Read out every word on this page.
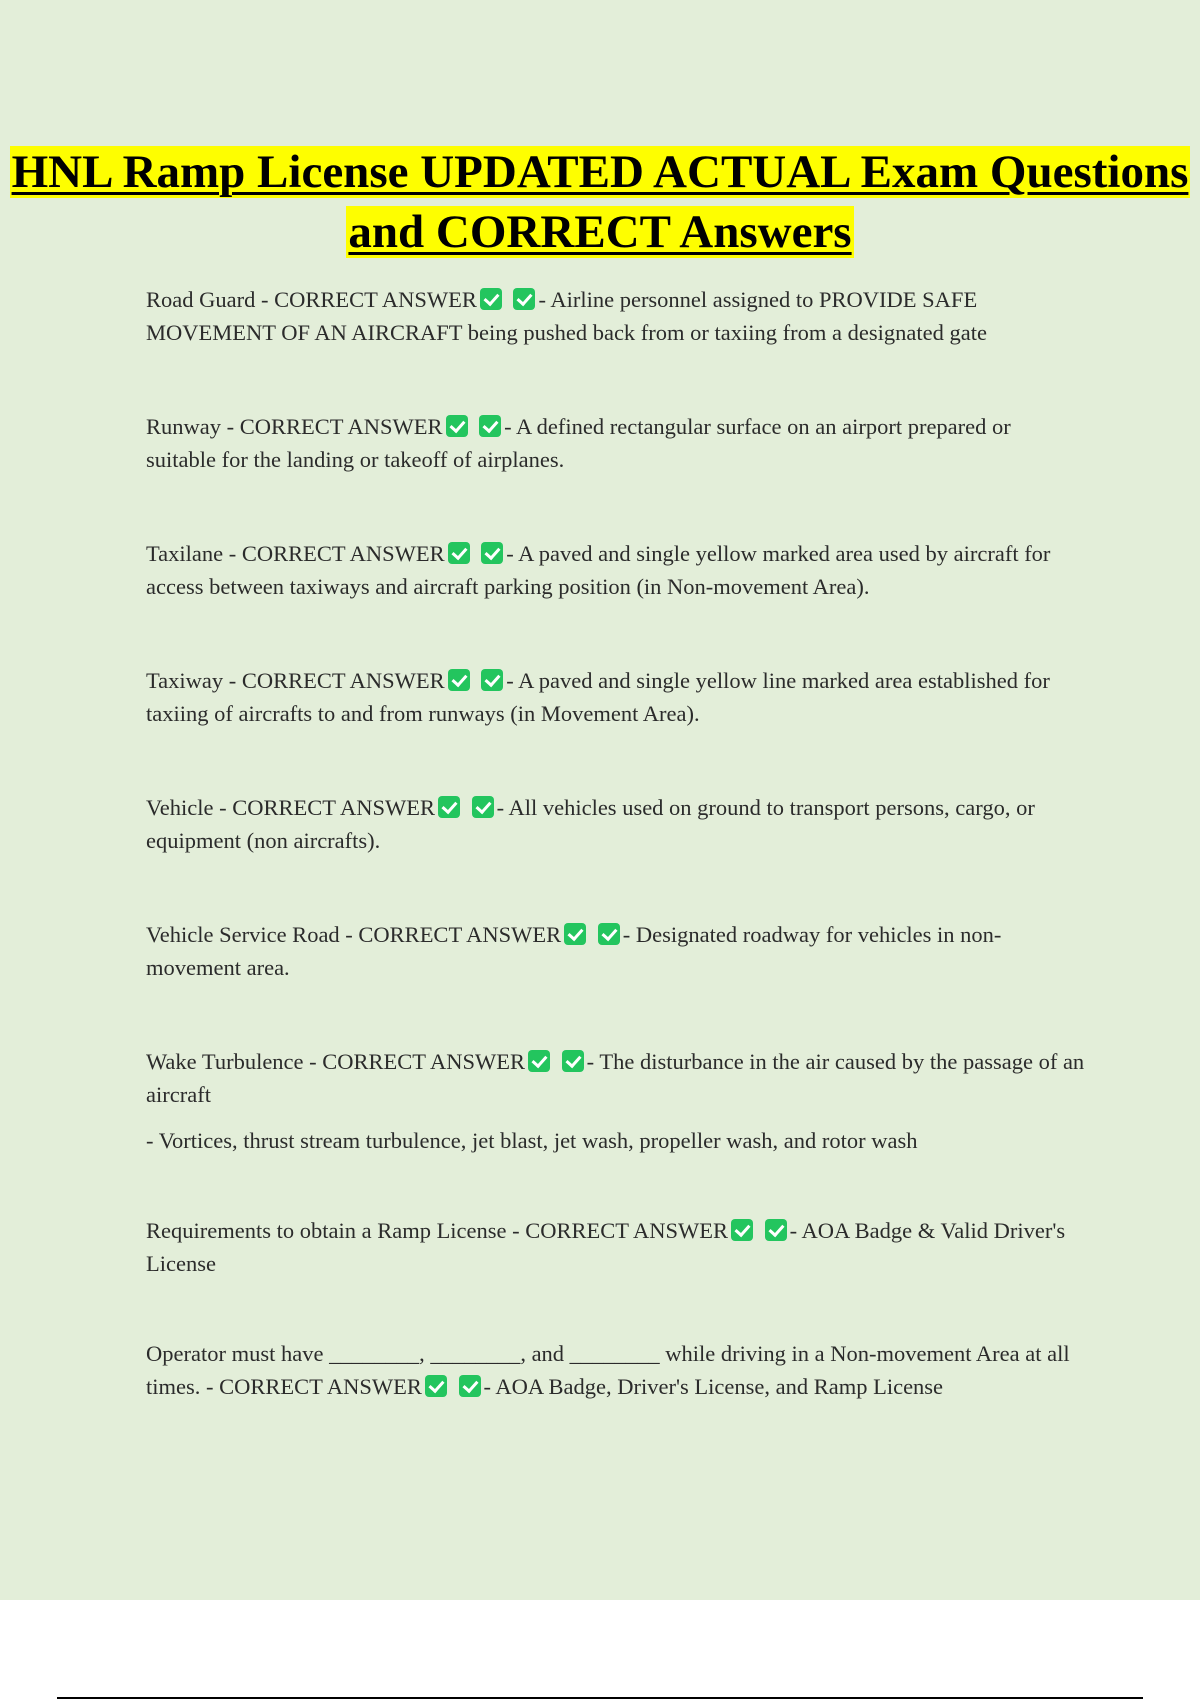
HNL Ramp License UPDATED ACTUAL Exam Questions and CORRECT Answers

Road Guard - CORRECT ANSWER	- Airline personnel assigned to PROVIDE SAFE MOVEMENT OF AN AIRCRAFT being pushed back from or taxiing from a designated gate

Runway - CORRECT ANSWER	- A defined rectangular surface on an airport prepared or suitable for the landing or takeoff of airplanes.

Taxilane - CORRECT ANSWER	- A paved and single yellow marked area used by aircraft for access between taxiways and aircraft parking position (in Non-movement Area).

Taxiway - CORRECT ANSWER	- A paved and single yellow line marked area established for taxiing of aircrafts to and from runways (in Movement Area).

Vehicle - CORRECT ANSWER	- All vehicles used on ground to transport persons, cargo, or equipment (non aircrafts).

Vehicle Service Road - CORRECT ANSWER	- Designated roadway for vehicles in non-movement area.

Wake Turbulence - CORRECT ANSWER	- The disturbance in the air caused by the passage of an aircraft

- Vortices, thrust stream turbulence, jet blast, jet wash, propeller wash, and rotor wash

Requirements to obtain a Ramp License - CORRECT ANSWER	- AOA Badge & Valid Driver's License

Operator must have ________, ________, and ________ while driving in a Non-movement Area at all times. - CORRECT ANSWER	- AOA Badge, Driver's License, and Ramp License
